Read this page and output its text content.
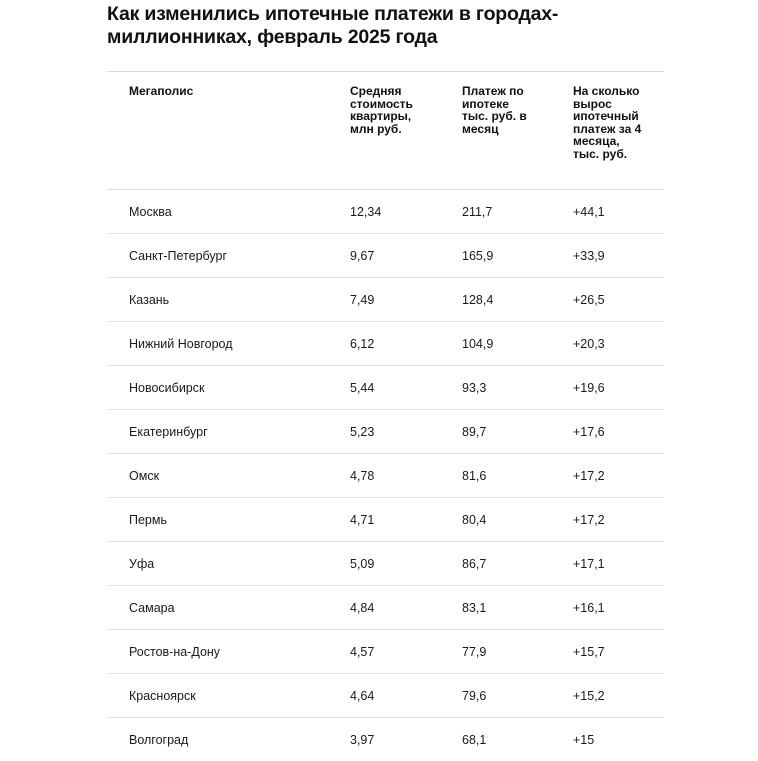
Как изменились ипотечные платежи в городах-
миллионниках, февраль 2025 года
Мегаполис	Средняя стоимость квартиры, млн руб.	Платеж по ипотеке тыс. руб. в месяц	На сколько вырос ипотечный платеж за 4 месяца, тыс. руб.

Москва	12,34	211,7	+44,1
Санкт-Петербург	9,67	165,9	+33,9
Казань	7,49	128,4	+26,5
Нижний Новгород	6,12	104,9	+20,3
Новосибирск	5,44	93,3	+19,6
Екатеринбург	5,23	89,7	+17,6
Омск	4,78	81,6	+17,2
Пермь	4,71	80,4	+17,2
Уфа	5,09	86,7	+17,1
Самара	4,84	83,1	+16,1
Ростов-на-Дону	4,57	77,9	+15,7
Красноярск	4,64	79,6	+15,2
Волгоград	3,97	68,1	+15
